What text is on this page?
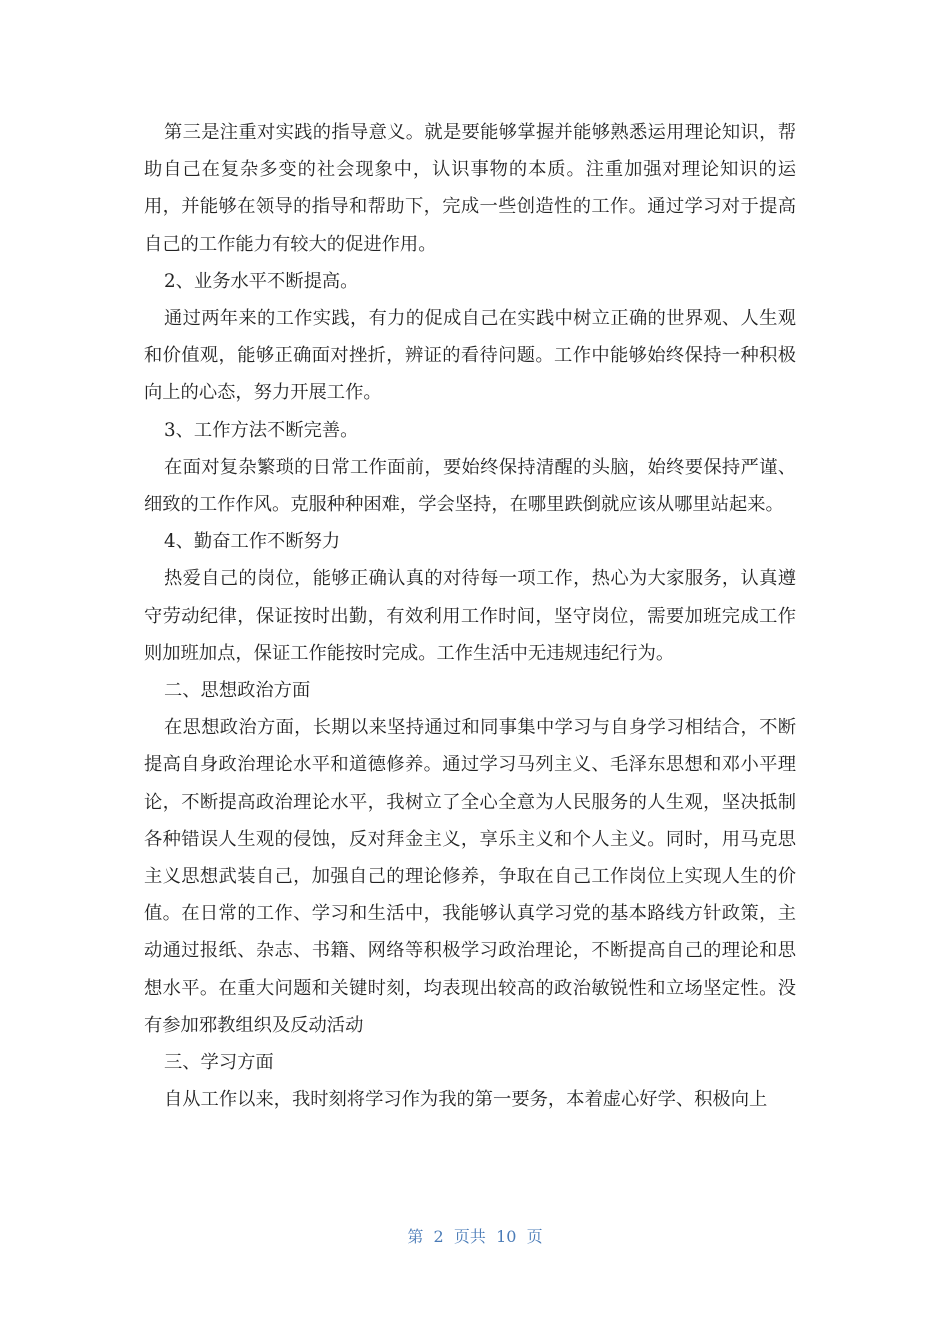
第三是注重对实践的指导意义。就是要能够掌握并能够熟悉运用理论知识，帮助自己在复杂多变的社会现象中，认识事物的本质。注重加强对理论知识的运用，并能够在领导的指导和帮助下，完成一些创造性的工作。通过学习对于提高自己的工作能力有较大的促进作用。

2、业务水平不断提高。

通过两年来的工作实践，有力的促成自己在实践中树立正确的世界观、人生观和价值观，能够正确面对挫折，辨证的看待问题。工作中能够始终保持一种积极向上的心态，努力开展工作。

3、工作方法不断完善。

在面对复杂繁琐的日常工作面前，要始终保持清醒的头脑，始终要保持严谨、细致的工作作风。克服种种困难，学会坚持，在哪里跌倒就应该从哪里站起来。

4、勤奋工作不断努力

热爱自己的岗位，能够正确认真的对待每一项工作，热心为大家服务，认真遵守劳动纪律，保证按时出勤，有效利用工作时间，坚守岗位，需要加班完成工作则加班加点，保证工作能按时完成。工作生活中无违规违纪行为。

二、思想政治方面

在思想政治方面，长期以来坚持通过和同事集中学习与自身学习相结合，不断提高自身政治理论水平和道德修养。通过学习马列主义、毛泽东思想和邓小平理论，不断提高政治理论水平，我树立了全心全意为人民服务的人生观，坚决抵制各种错误人生观的侵蚀，反对拜金主义，享乐主义和个人主义。同时，用马克思主义思想武装自己，加强自己的理论修养，争取在自己工作岗位上实现人生的价值。在日常的工作、学习和生活中，我能够认真学习党的基本路线方针政策，主动通过报纸、杂志、书籍、网络等积极学习政治理论，不断提高自己的理论和思想水平。在重大问题和关键时刻，均表现出较高的政治敏锐性和立场坚定性。没有参加邪教组织及反动活动

三、学习方面

自从工作以来，我时刻将学习作为我的第一要务，本着虚心好学、积极向上

第  2  页共  10  页
